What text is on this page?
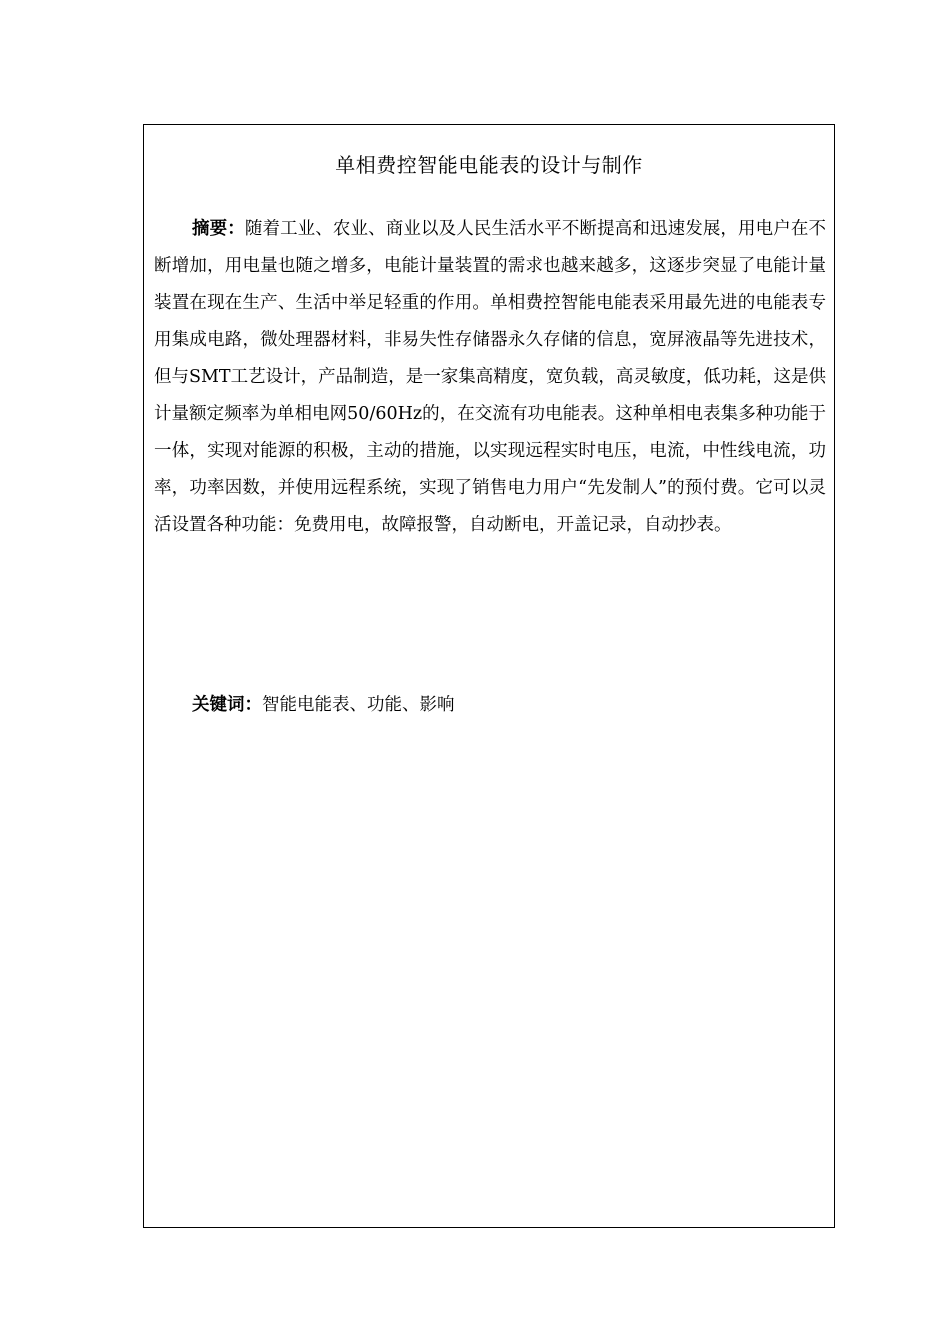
单相费控智能电能表的设计与制作

摘要：随着工业、农业、商业以及人民生活水平不断提高和迅速发展，用电户在不断增加，用电量也随之增多，电能计量装置的需求也越来越多，这逐步突显了电能计量装置在现在生产、生活中举足轻重的作用。单相费控智能电能表采用最先进的电能表专用集成电路，微处理器材料，非易失性存储器永久存储的信息，宽屏液晶等先进技术，但与SMT工艺设计，产品制造，是一家集高精度，宽负载，高灵敏度，低功耗，这是供计量额定频率为单相电网50/60Hz的，在交流有功电能表。这种单相电表集多种功能于一体，实现对能源的积极，主动的措施，以实现远程实时电压，电流，中性线电流，功率，功率因数，并使用远程系统，实现了销售电力用户“先发制人”的预付费。它可以灵活设置各种功能：免费用电，故障报警，自动断电，开盖记录，自动抄表。

关键词：智能电能表、功能、影响
